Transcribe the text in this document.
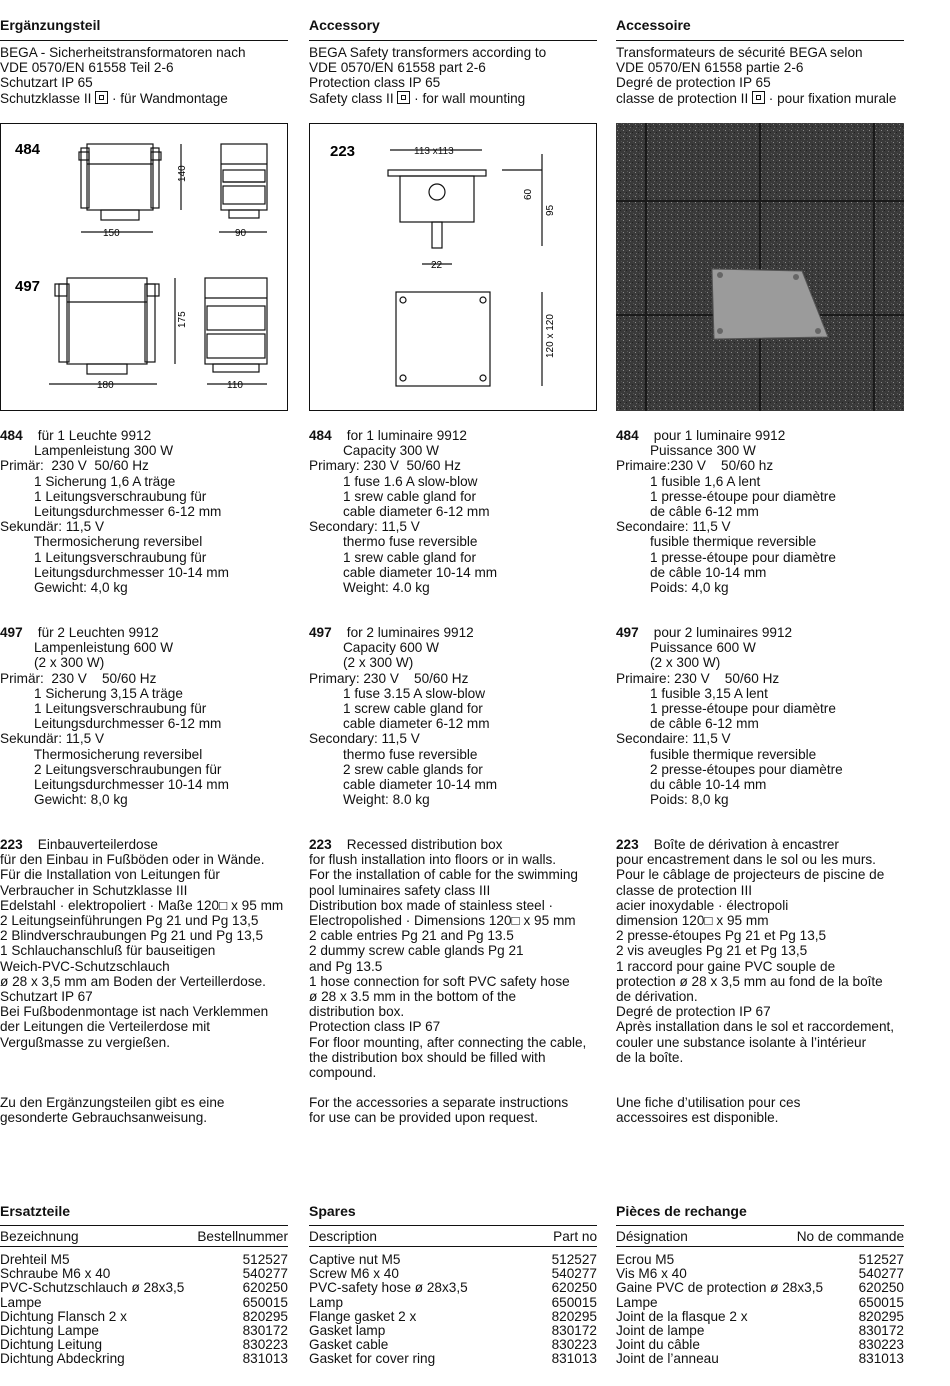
Ergänzungsteil	Accessory	Accessoire
BEGA - Sicherheitstransformatoren nach
VDE 0570/EN 61558 Teil 2-6
Schutzart IP 65
Schutzklasse II
· für Wandmontage
BEGA Safety transformers according to
VDE 0570/EN 61558 part 2-6
Protection class IP 65
Safety class II
· for wall mounting
Transformateurs de sécurité BEGA selon
VDE 0570/EN 61558 partie 2-6
Degré de protection IP 65
classe de protection II
· pour fixation murale
484
150	90
140
497
180	110
175
223	113 x113
60
95
22
120 x 120
484 für 1 Leuchte 9912
Lampenleistung 300 W
Primär:  230 V  50/60 Hz
1 Sicherung 1,6 A träge
1 Leitungsverschraubung für
Leitungsdurchmesser 6-12 mm
Sekundär: 11,5 V
Thermosicherung reversibel
1 Leitungsverschraubung für
Leitungsdurchmesser 10-14 mm
Gewicht: 4,0 kg
484 for 1 luminaire 9912
Capacity 300 W
Primary: 230 V  50/60 Hz
1 fuse 1.6 A slow-blow
1 srew cable gland for
cable diameter 6-12 mm
Secondary: 11,5 V
thermo fuse reversible
1 srew cable gland for
cable diameter 10-14 mm
Weight: 4.0 kg
484 pour 1 luminaire 9912
Puissance 300 W
Primaire:230 V    50/60 hz
1 fusible 1,6 A lent
1 presse-étoupe pour diamètre
de câble 6-12 mm
Secondaire: 11,5 V
fusible thermique reversible
1 presse-étoupe pour diamètre
de câble 10-14 mm
Poids: 4,0 kg
497 für 2 Leuchten 9912
Lampenleistung 600 W
(2 x 300 W)
Primär:  230 V    50/60 Hz
1 Sicherung 3,15 A träge
1 Leitungsverschraubung für
Leitungsdurchmesser 6-12 mm
Sekundär: 11,5 V
Thermosicherung reversibel
2 Leitungsverschraubungen für
Leitungsdurchmesser 10-14 mm
Gewicht: 8,0 kg
497 for 2 luminaires 9912
Capacity 600 W
(2 x 300 W)
Primary: 230 V    50/60 Hz
1 fuse 3.15 A slow-blow
1 screw cable gland for
cable diameter 6-12 mm
Secondary: 11,5 V
thermo fuse reversible
2 srew cable glands for
cable diameter 10-14 mm
Weight: 8.0 kg
497 pour 2 luminaires 9912
Puissance 600 W
(2 x 300 W)
Primaire: 230 V    50/60 Hz
1 fusible 3,15 A lent
1 presse-étoupe pour diamètre
de câble 6-12 mm
Secondaire: 11,5 V
fusible thermique reversible
2 presse-étoupes pour diamètre
du câble 10-14 mm
Poids: 8,0 kg
223 Einbauverteilerdose
für den Einbau in Fußböden oder in Wände.
Für die Installation von Leitungen für
Verbraucher in Schutzklasse III
Edelstahl · elektropoliert · Maße 120□ x 95 mm
2 Leitungseinführungen Pg 21 und Pg 13,5
2 Blindverschraubungen Pg 21 und Pg 13,5
1 Schlauchanschluß für bauseitigen
Weich-PVC-Schutzschlauch
ø 28 x 3,5 mm am Boden der Verteillerdose.
Schutzart IP 67
Bei Fußbodenmontage ist nach Verklemmen
der Leitungen die Verteilerdose mit
Vergußmasse zu vergießen.
223 Recessed distribution box
for flush installation into floors or in walls.
For the installation of cable for the swimming
pool luminaires safety class III
Distribution box made of stainless steel ·
Electropolished · Dimensions 120□ x 95 mm
2 cable entries Pg 21 and Pg 13.5
2 dummy screw cable glands Pg 21
and Pg 13.5
1 hose connection for soft PVC safety hose
ø 28 x 3.5 mm in the bottom of the
distribution box.
Protection class IP 67
For floor mounting, after connecting the cable,
the distribution box should be filled with
compound.
223 Boîte de dérivation à encastrer
pour encastrement dans le sol ou les murs.
Pour le câblage de projecteurs de piscine de
classe de protection III
acier inoxydable · électropoli
dimension 120□ x 95 mm
2 presse-étoupes Pg 21 et Pg 13,5
2 vis aveugles Pg 21 et Pg 13,5
1 raccord pour gaine PVC souple de
protection ø 28 x 3,5 mm au fond de la boîte
de dérivation.
Degré de protection IP 67
Après installation dans le sol et raccordement,
couler une substance isolante à l’intérieur
de la boîte.
Zu den Ergänzungsteilen gibt es eine
gesonderte Gebrauchsanweisung.
For the accessories a separate instructions
for use can be provided upon request.
Une fiche d’utilisation pour ces
accessoires est disponible.
Ersatzteile	Spares	Pièces de rechange
Bezeichnung	Bestellnummer
Drehteil M5	512527
Schraube M6 x 40	540277
PVC-Schutzschlauch ø 28x3,5	620250
Lampe	650015
Dichtung Flansch 2 x	820295
Dichtung Lampe	830172
Dichtung Leitung	830223
Dichtung Abdeckring	831013
Description	Part no
Captive nut M5	512527
Screw M6 x 40	540277
PVC-safety hose ø 28x3,5	620250
Lamp	650015
Flange gasket 2 x	820295
Gasket lamp	830172
Gasket cable	830223
Gasket for cover ring	831013
Désignation	No de commande
Ecrou M5	512527
Vis M6 x 40	540277
Gaine PVC de protection ø 28x3,5	620250
Lampe	650015
Joint de la flasque 2 x	820295
Joint de lampe	830172
Joint du câble	830223
Joint de l’anneau	831013
